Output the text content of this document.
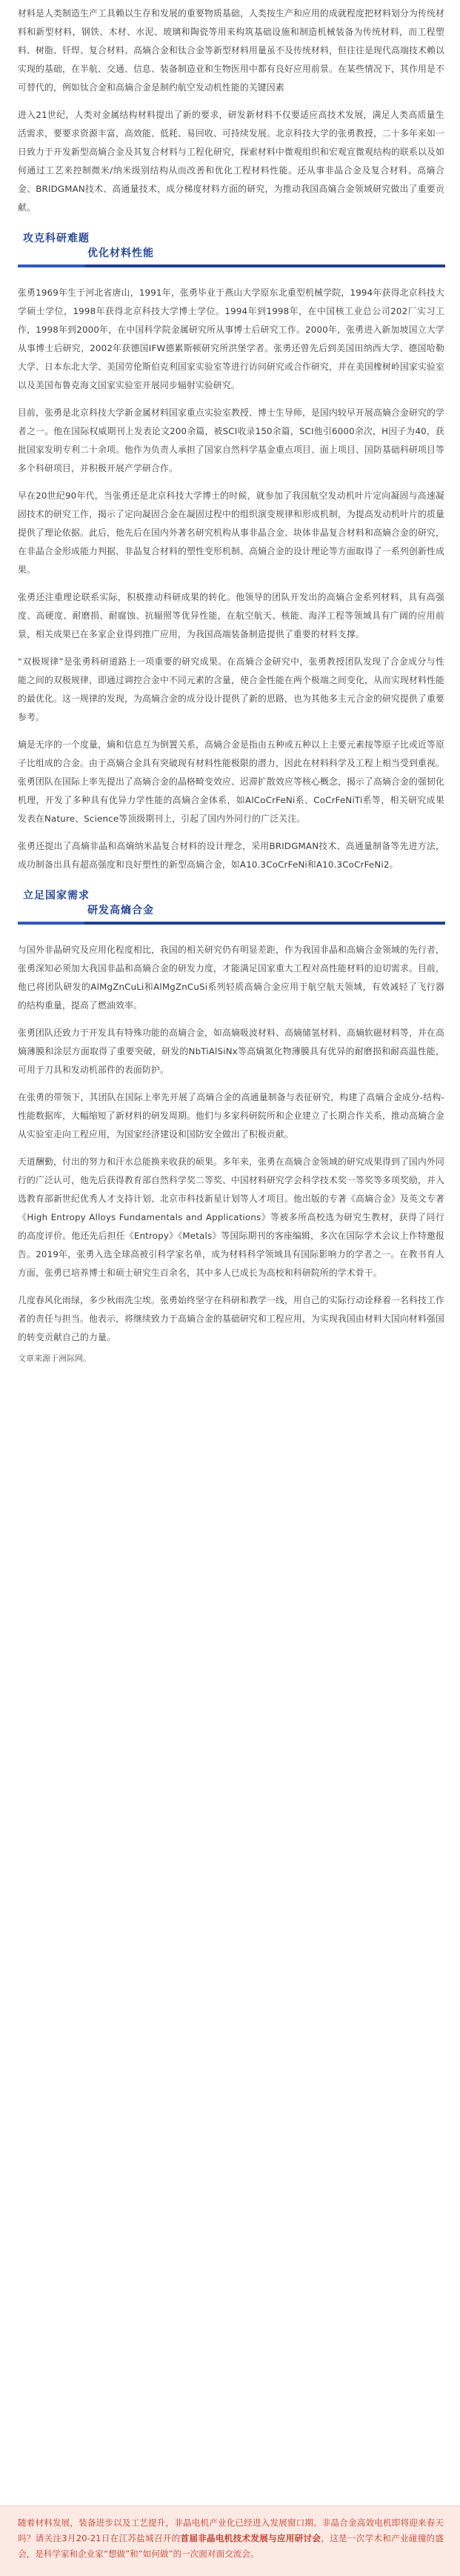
材料是人类制造生产工具赖以生存和发展的重要物质基础，人类按生产和应用的成就程度把材料划分为传统材料和新型材料，钢铁、木材、水泥、玻璃和陶瓷等用来构筑基础设施和制造机械装备为传统材料，而工程塑料、树脂、钎焊、复合材料、高熵合金和钛合金等新型材料用量虽不及传统材料，但往往是现代高端技术赖以实现的基础，在半航、交通、信息、装备制造业和生物医用中都有良好应用前景。在某些情况下，其作用是不可替代的，例如钛合金和高熵合金是制约航空发动机性能的关键因素

进入21世纪，人类对金属结构材料提出了新的要求，研发新材料不仅要适应高技术发展，满足人类高质量生活需求，要要求资源丰富，高效能、低耗、易回收、可持续发展。北京科技大学的张勇教授，二十多年来如一日致力于开发新型高熵合金及其复合材料与工程化研究，探索材料中微观组织和宏观宣微观结构的联系以及如何通过工艺来控制微米/纳米级别结构从而改善和优化工程材料性能。还从事非晶合金及复合材料、高熵合金、BRIDGMAN技术、高通量技术，成分梯度材料方面的研究，为推动我国高熵合金领域研究做出了重要贡献。

攻克科研难题
优化材料性能

张勇1969年生于河北省唐山，1991年，张勇毕业于燕山大学原东北重型机械学院，1994年获得北京科技大学硕士学位，1998年获得北京科技大学博士学位。1994年到1998年，在中国核工业总公司202厂实习工作，1998年到2000年，在中国科学院金属研究所从事博士后研究工作。2000年，张勇进入新加坡国立大学从事博士后研究，2002年获德国IFW德累斯顿研究所洪堡学者。张勇还曾先后到美国田纳西大学、德国哈勒大学、日本东北大学、美国劳伦斯伯克利国家实验室等进行访问研究或合作研究，并在美国橡树岭国家实验室以及美国布鲁克海文国家实验室开展同步辐射实验研究。

目前，张勇是北京科技大学新金属材料国家重点实验室教授、博士生导师，是国内较早开展高熵合金研究的学者之一。他在国际权威期刊上发表论文200余篇，被SCI收录150余篇，SCI他引6000余次，H因子为40，获批国家发明专利二十余项。他作为负责人承担了国家自然科学基金重点项目、面上项目、国防基础科研项目等多个科研项目，并积极开展产学研合作。

早在20世纪90年代，当张勇还是北京科技大学博士的时候，就参加了我国航空发动机叶片定向凝固与高速凝固技术的研究工作，揭示了定向凝固合金在凝固过程中的组织演变规律和形成机制，为提高发动机叶片的质量提供了理论依据。此后，他先后在国内外著名研究机构从事非晶合金、块体非晶复合材料和高熵合金的研究，在非晶合金形成能力判据、非晶复合材料的塑性变形机制、高熵合金的设计理论等方面取得了一系列创新性成果。

张勇还注重理论联系实际，积极推动科研成果的转化。他领导的团队开发出的高熵合金系列材料，具有高强度、高硬度、耐磨损、耐腐蚀、抗辐照等优异性能，在航空航天、核能、海洋工程等领域具有广阔的应用前景，相关成果已在多家企业得到推广应用，为我国高端装备制造提供了重要的材料支撑。

“双极规律”是张勇科研道路上一项重要的研究成果。在高熵合金研究中，张勇教授团队发现了合金成分与性能之间的双极规律，即通过调控合金中不同元素的含量，使合金性能在两个极端之间变化，从而实现材料性能的最优化。这一规律的发现，为高熵合金的成分设计提供了新的思路，也为其他多主元合金的研究提供了重要参考。

熵是无序的一个度量，熵和信息互为倒置关系，高熵合金是指由五种或五种以上主要元素按等原子比或近等原子比组成的合金。由于高熵合金具有突破现有材料性能极限的潜力，因此在材料科学及工程上相当受到重视。张勇团队在国际上率先提出了高熵合金的晶格畸变效应、迟滞扩散效应等核心概念，揭示了高熵合金的强韧化机理，开发了多种具有优异力学性能的高熵合金体系，如AlCoCrFeNi系、CoCrFeNiTi系等，相关研究成果发表在Nature、Science等顶级期刊上，引起了国内外同行的广泛关注。

张勇还提出了高熵非晶和高熵纳米晶复合材料的设计理念，采用BRIDGMAN技术、高通量制备等先进方法，成功制备出具有超高强度和良好塑性的新型高熵合金，如A10.3CoCrFeNi和A10.3CoCrFeNi2。

立足国家需求
研发高熵合金

与国外非晶研究及应用化程度相比，我国的相关研究仍有明显差距，作为我国非晶和高熵合金领域的先行者，张勇深知必须加大我国非晶和高熵合金的研发力度，才能满足国家重大工程对高性能材料的迫切需求。目前，他已将团队研发的AlMgZnCuLi和AlMgZnCuSi系列轻质高熵合金应用于航空航天领域，有效减轻了飞行器的结构重量，提高了燃油效率。

张勇团队还致力于开发具有特殊功能的高熵合金，如高熵吸波材料、高熵储氢材料、高熵软磁材料等，并在高熵薄膜和涂层方面取得了重要突破，研发的NbTiAlSiNx等高熵氮化物薄膜具有优异的耐磨损和耐高温性能，可用于刀具和发动机部件的表面防护。

在张勇的带领下，其团队在国际上率先开展了高熵合金的高通量制备与表征研究，构建了高熵合金成分-结构-性能数据库，大幅缩短了新材料的研发周期。他们与多家科研院所和企业建立了长期合作关系，推动高熵合金从实验室走向工程应用，为国家经济建设和国防安全做出了积极贡献。

天道酬勤，付出的努力和汗水总能换来收获的硕果。多年来，张勇在高熵合金领域的研究成果得到了国内外同行的广泛认可，他先后获得教育部自然科学奖二等奖、中国材料研究学会科学技术奖一等奖等多项奖励，并入选教育部新世纪优秀人才支持计划、北京市科技新星计划等人才项目。他出版的专著《高熵合金》及英文专著《High Entropy Alloys Fundamentals and Applications》等被多所高校选为研究生教材，获得了同行的高度评价。他还先后担任《Entropy》《Metals》等国际期刊的客座编辑，多次在国际学术会议上作特邀报告。2019年，张勇入选全球高被引科学家名单，成为材料科学领域具有国际影响力的学者之一。在教书育人方面，张勇已培养博士和硕士研究生百余名，其中多人已成长为高校和科研院所的学术骨干。

几度春风化雨绿，多少秋雨洗尘埃。张勇始终坚守在科研和教学一线，用自己的实际行动诠释着一名科技工作者的责任与担当。他表示，将继续致力于高熵合金的基础研究和工程应用，为实现我国由材料大国向材料强国的转变贡献自己的力量。

文章来源于洲际网。

随着材料发展，装备进步以及工艺提升，非晶电机产业化已经进入发展窗口期。非晶合金高效电机即将迎来春天吗？请关注3月20-21日在江苏盐城召开的首届非晶电机技术发展与应用研讨会，这是一次学术和产业碰撞的盛会，是科学家和企业家“想做”和“如何做”的一次面对面交流会。
